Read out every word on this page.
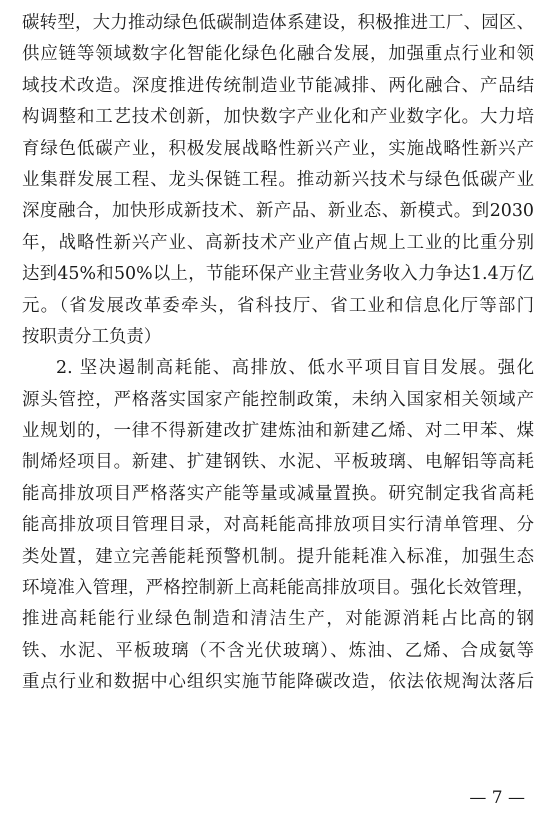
碳转型，大力推动绿色低碳制造体系建设，积极推进工厂、园区、
供应链等领域数字化智能化绿色化融合发展，加强重点行业和领
域技术改造。深度推进传统制造业节能减排、两化融合、产品结
构调整和工艺技术创新，加快数字产业化和产业数字化。大力培
育绿色低碳产业，积极发展战略性新兴产业，实施战略性新兴产
业集群发展工程、龙头保链工程。推动新兴技术与绿色低碳产业
深度融合，加快形成新技术、新产品、新业态、新模式。到2030
年，战略性新兴产业、高新技术产业产值占规上工业的比重分别
达到45%和50%以上，节能环保产业主营业务收入力争达1.4万亿
元。（省发展改革委牵头，省科技厅、省工业和信息化厅等部门
按职责分工负责）
2. 坚决遏制高耗能、高排放、低水平项目盲目发展。强化
源头管控，严格落实国家产能控制政策，未纳入国家相关领域产
业规划的，一律不得新建改扩建炼油和新建乙烯、对二甲苯、煤
制烯烃项目。新建、扩建钢铁、水泥、平板玻璃、电解铝等高耗
能高排放项目严格落实产能等量或减量置换。研究制定我省高耗
能高排放项目管理目录，对高耗能高排放项目实行清单管理、分
类处置，建立完善能耗预警机制。提升能耗准入标准，加强生态
环境准入管理，严格控制新上高耗能高排放项目。强化长效管理，
推进高耗能行业绿色制造和清洁生产，对能源消耗占比高的钢
铁、水泥、平板玻璃（不含光伏玻璃）、炼油、乙烯、合成氨等
重点行业和数据中心组织实施节能降碳改造，依法依规淘汰落后
— 7 —
